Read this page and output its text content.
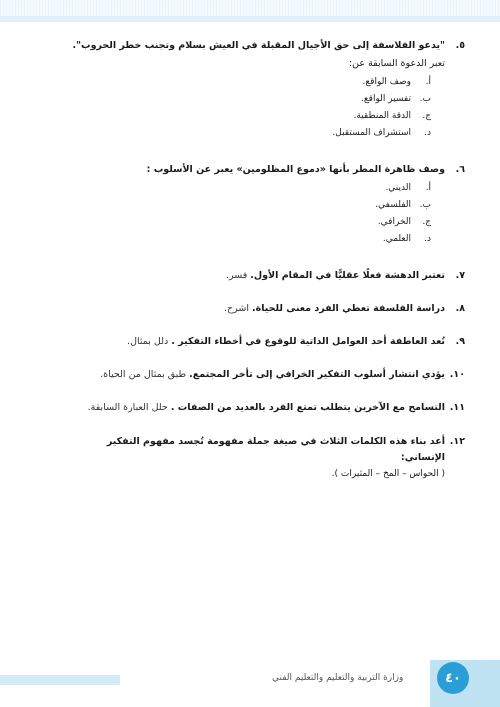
٥.
"يدعو الفلاسفة إلى حق الأجيال المقبلة في العيش بسلام وتجنب خطر الحروب".
تعبر الدعوة السابقة عن:
أ.
وصف الواقع.
ب.
تفسير الواقع.
ج.
الدقة المنطقية.
د.
استشراف المستقبل.
٦.
وصف ظاهرة المطر بأنها «دموع المظلومين» يعبر عن الأسلوب :
أ.
الديني.
ب.
الفلسفي.
ج.
الخرافي.
د.
العلمي.
٧.
تعتبر الدهشة فعلًا عقليًّا في المقام الأول. فسر.
٨.
دراسة الفلسفة تعطي الفرد معنى للحياة. اشرح.
٩.
تُعد العاطفة أحد العوامل الذاتية للوقوع في أخطاء التفكير . دلل بمثال.
١٠.
يؤدي انتشار أسلوب التفكير الخرافي إلى تأخر المجتمع. طبق بمثال من الحياة.
١١.
التسامح مع الآخرين يتطلب تمتع الفرد بالعديد من الصفات . حلل العبارة السابقة.
١٢.
أعد بناء هذه الكلمات الثلاث في صيغة جملة مفهومة تُجسد مفهوم التفكير الإنساني:
( الحواس – المخ – المثيرات ).
وزارة التربية والتعليم والتعليم الفني	٤٠
